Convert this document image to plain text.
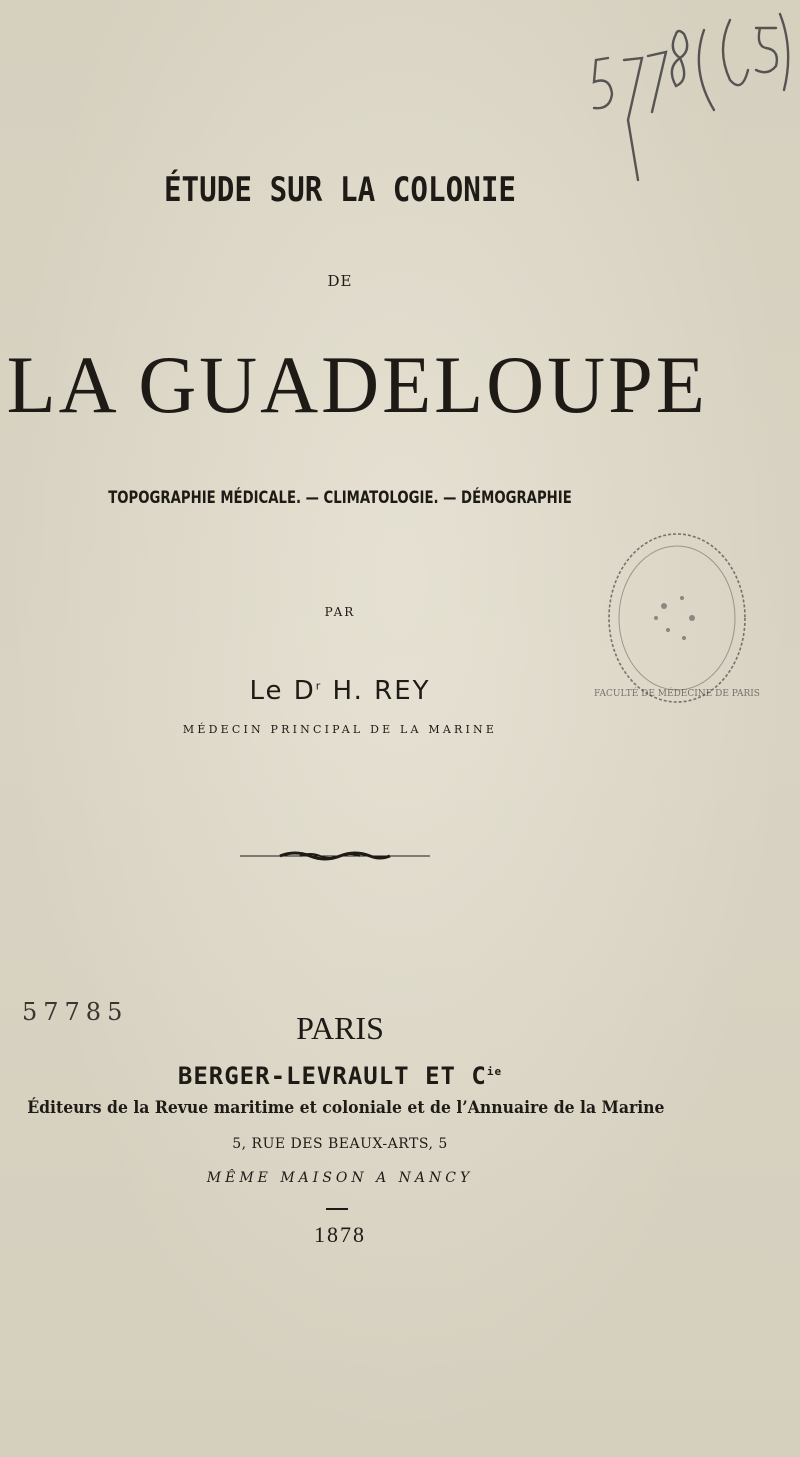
ÉTUDE SUR LA COLONIE
DE
LA GUADELOUPE
TOPOGRAPHIE MÉDICALE. — CLIMATOLOGIE. — DÉMOGRAPHIE
FACULTÉ DE MÉDECINE DE PARIS
PAR
Le $D^r$ H. REY
MÉDECIN PRINCIPAL DE LA MARINE
57785	PARIS
BERGER-LEVRAULT ET $C^{ie}$
Éditeurs de la Revue maritime et coloniale et de l’Annuaire de la Marine
5, RUE DES BEAUX-ARTS, 5
MÊME MAISON A NANCY
1878
